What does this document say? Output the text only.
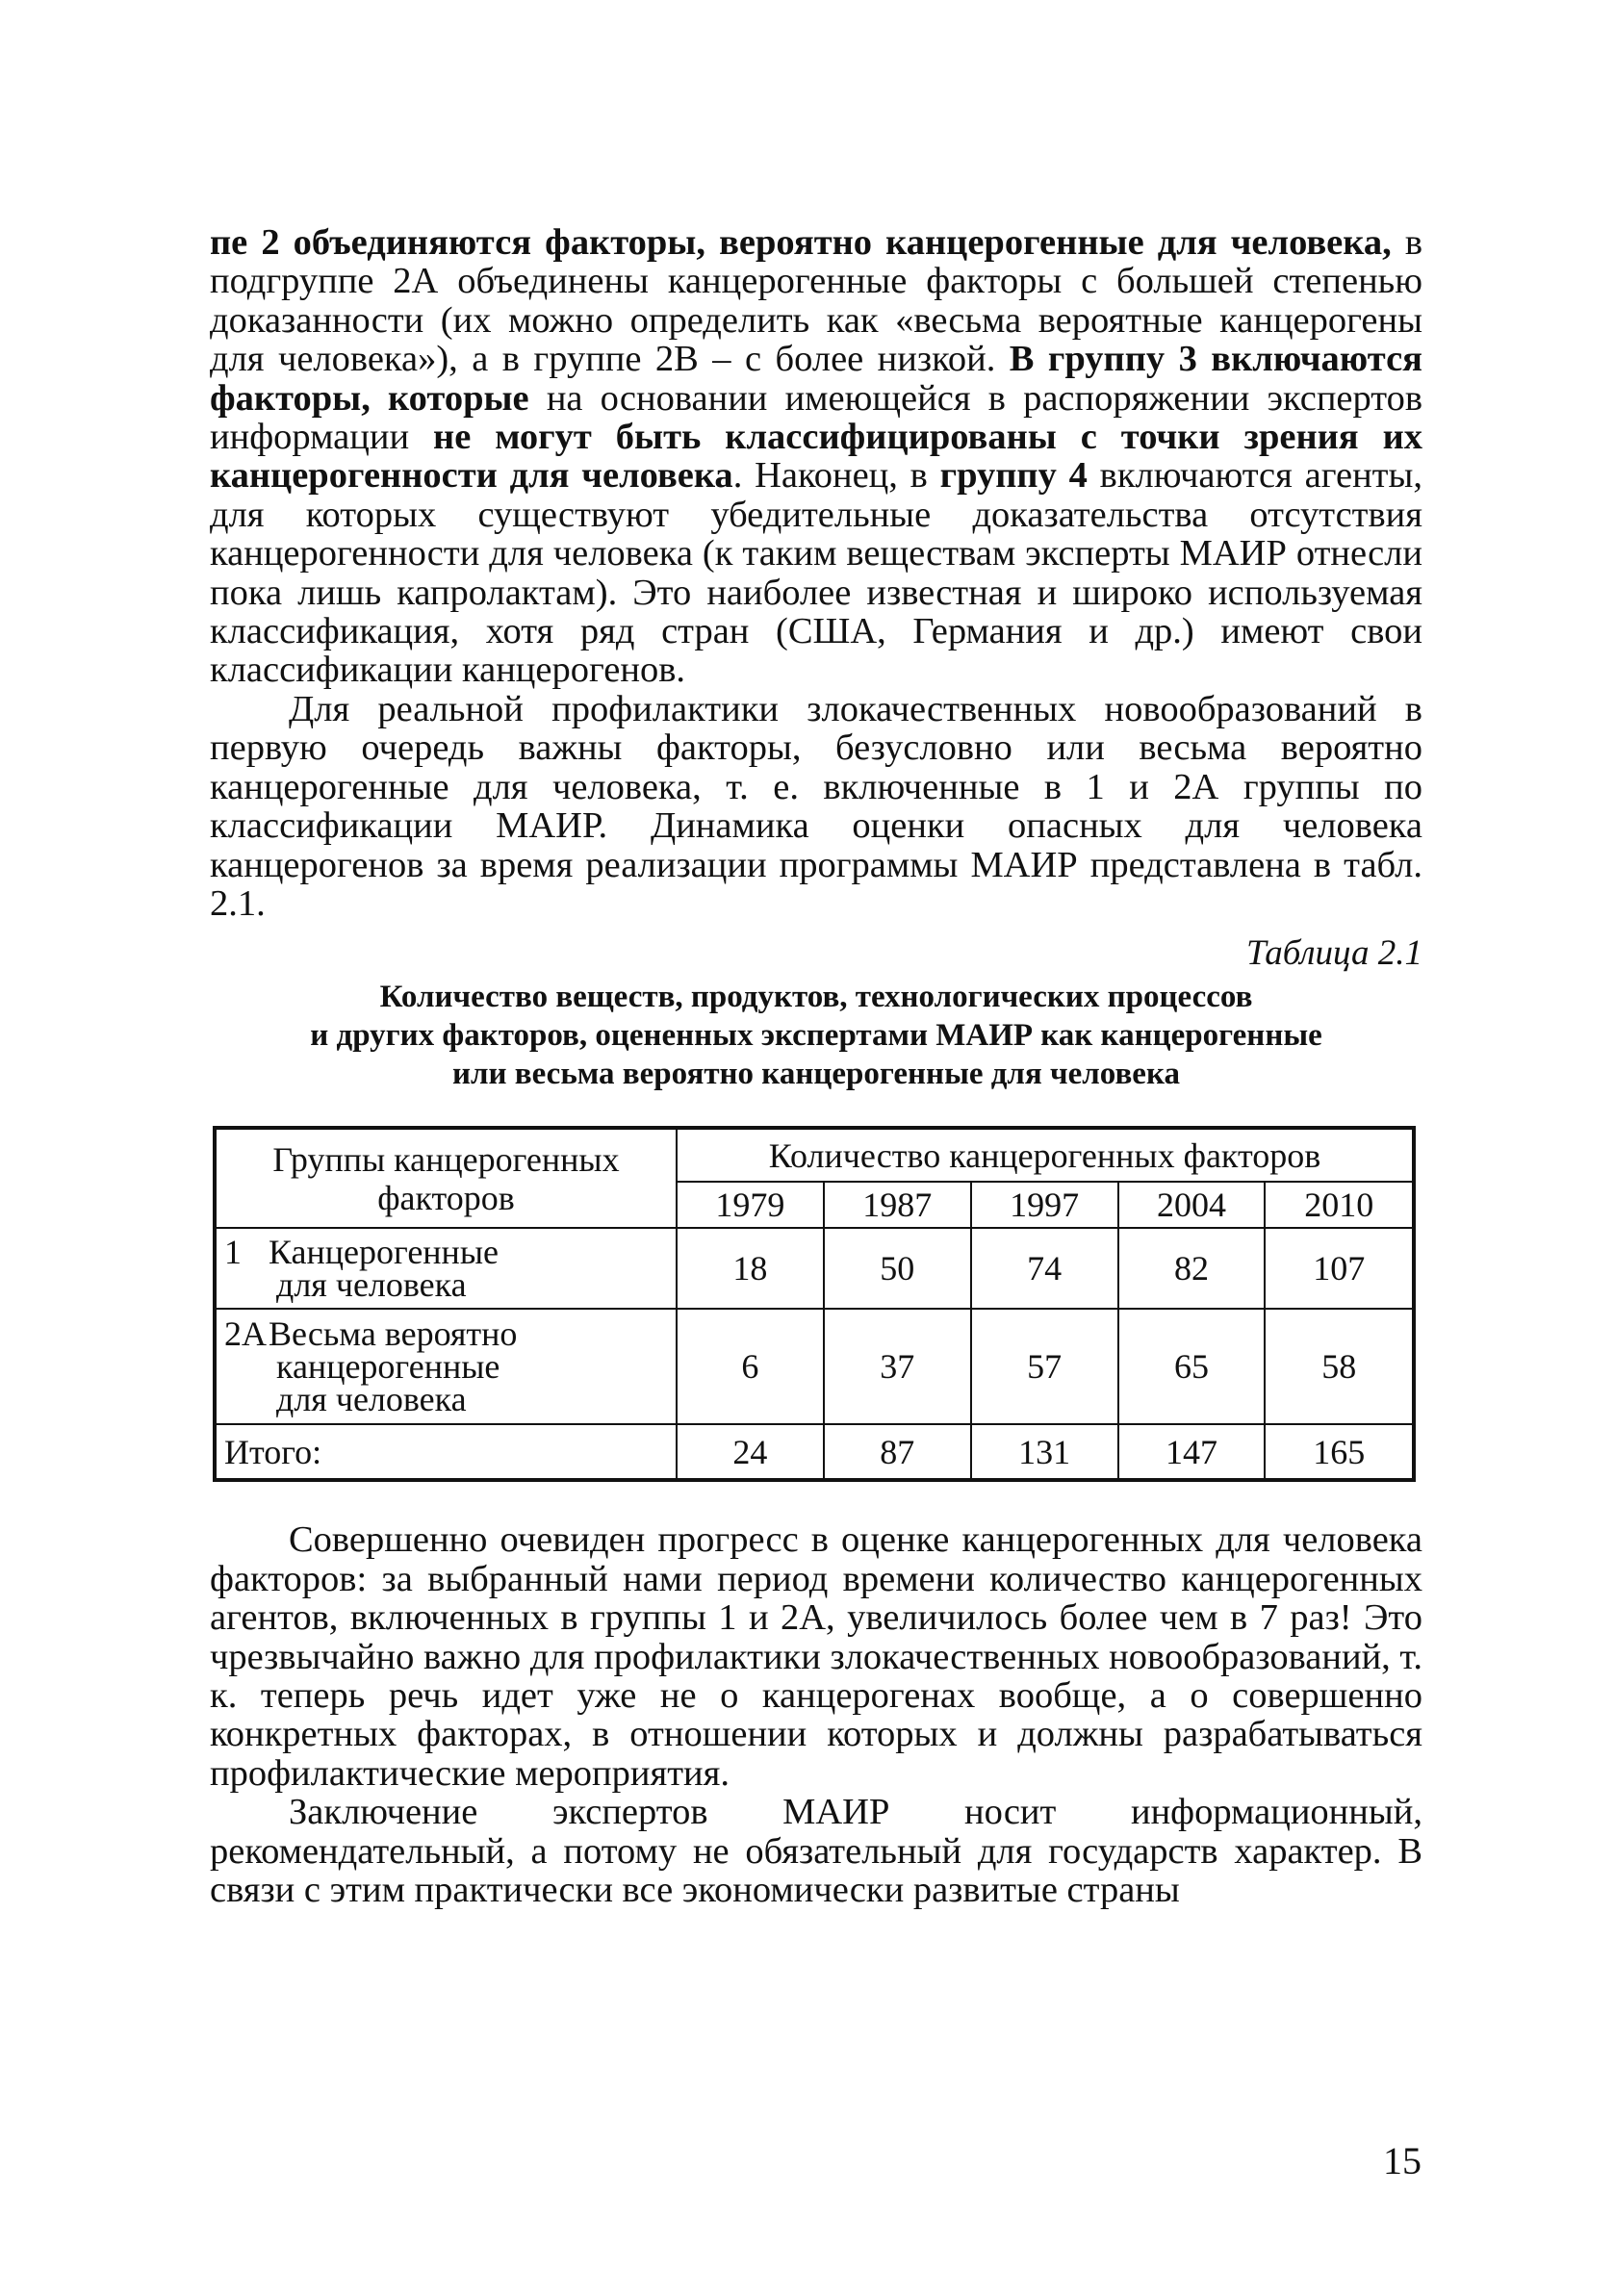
пе 2 объединяются факторы, вероятно канцерогенные для человека, в подгруппе 2А объединены канцерогенные факторы с большей степенью доказанности (их можно определить как «весьма вероятные канцерогены для человека»), а в группе 2В – с более низкой. В группу 3 включаются факторы, которые на основании имеющейся в распоряжении экспертов информации не могут быть классифицированы с точки зрения их канцерогенности для человека. Наконец, в группу 4 включаются агенты, для которых существуют убедительные доказательства отсутствия канцерогенности для человека (к таким веществам эксперты МАИР отнесли пока лишь капролактам). Это наиболее известная и широко используемая классификация, хотя ряд стран (США, Германия и др.) имеют свои классификации канцерогенов.

Для реальной профилактики злокачественных новообразований в первую очередь важны факторы, безусловно или весьма вероятно канцерогенные для человека, т. е. включенные в 1 и 2А группы по классификации МАИР. Динамика оценки опасных для человека канцерогенов за время реализации программы МАИР представлена в табл. 2.1.

Таблица 2.1
Количество веществ, продуктов, технологических процессов
и других факторов, оцененных экспертами МАИР как канцерогенные
или весьма вероятно канцерогенные для человека
Группы канцерогенных
факторов	Количество канцерогенных факторов				
	1979	1987	1997	2004	2010
1 Канцерогенные
для человека	18	50	74	82	107
2АВесьма вероятно
канцерогенные
для человека	6	37	57	65	58
Итого:	24	87	131	147	165

Совершенно очевиден прогресс в оценке канцерогенных для человека факторов: за выбранный нами период времени количество канцерогенных агентов, включенных в группы 1 и 2А, увеличилось более чем в 7 раз! Это чрезвычайно важно для профилактики злокачественных новообразований, т. к. теперь речь идет уже не о канцерогенах вообще, а о совершенно конкретных факторах, в отношении которых и должны разрабатываться профилактические мероприятия.

Заключение экспертов МАИР носит информационный, рекомендательный, а потому не обязательный для государств характер. В связи с этим практически все экономически развитые страны

15
